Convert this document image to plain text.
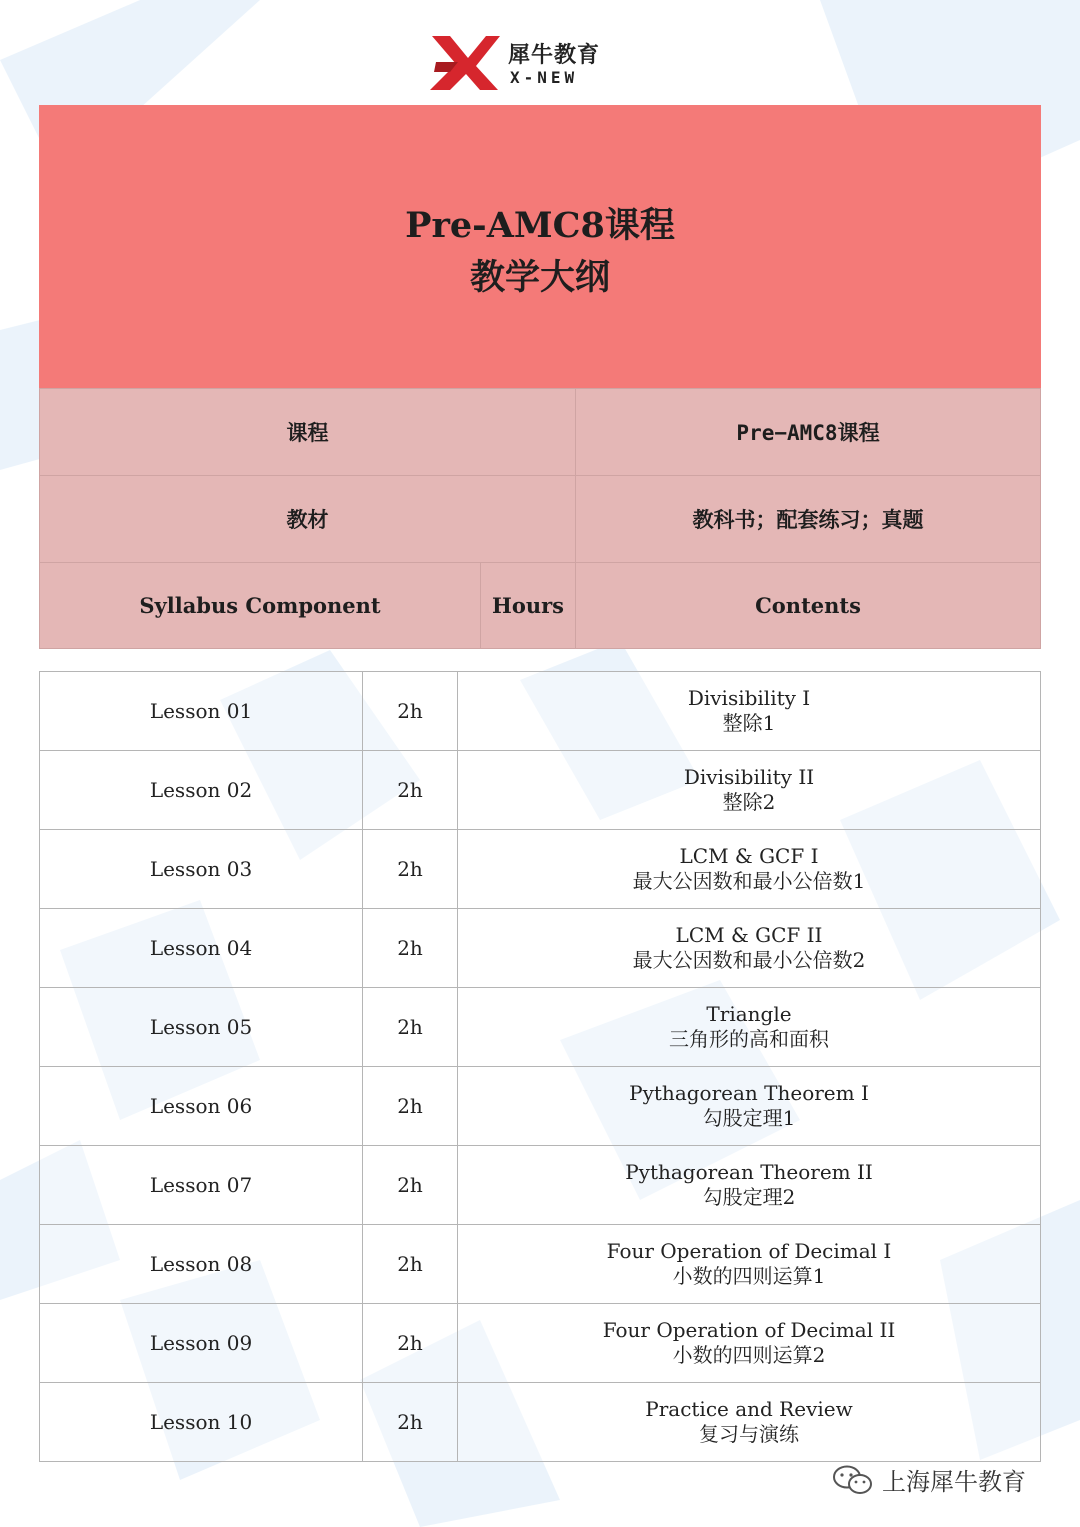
犀牛教育
X-NEW
Pre-AMC8课程
教学大纲
课程		Pre−AMC8课程
教材		教科书；配套练习；真题
Syllabus Component	Hours	Contents
Lesson 01	2h	Divisibility I
整除1
Lesson 02	2h	Divisibility II
整除2
Lesson 03	2h	LCM & GCF I
最大公因数和最小公倍数1
Lesson 04	2h	LCM & GCF II
最大公因数和最小公倍数2
Lesson 05	2h	Triangle
三角形的高和面积
Lesson 06	2h	Pythagorean Theorem I
勾股定理1
Lesson 07	2h	Pythagorean Theorem II
勾股定理2
Lesson 08	2h	Four Operation of Decimal I
小数的四则运算1
Lesson 09	2h	Four Operation of Decimal II
小数的四则运算2
Lesson 10	2h	Practice and Review
复习与演练
上海犀牛教育
